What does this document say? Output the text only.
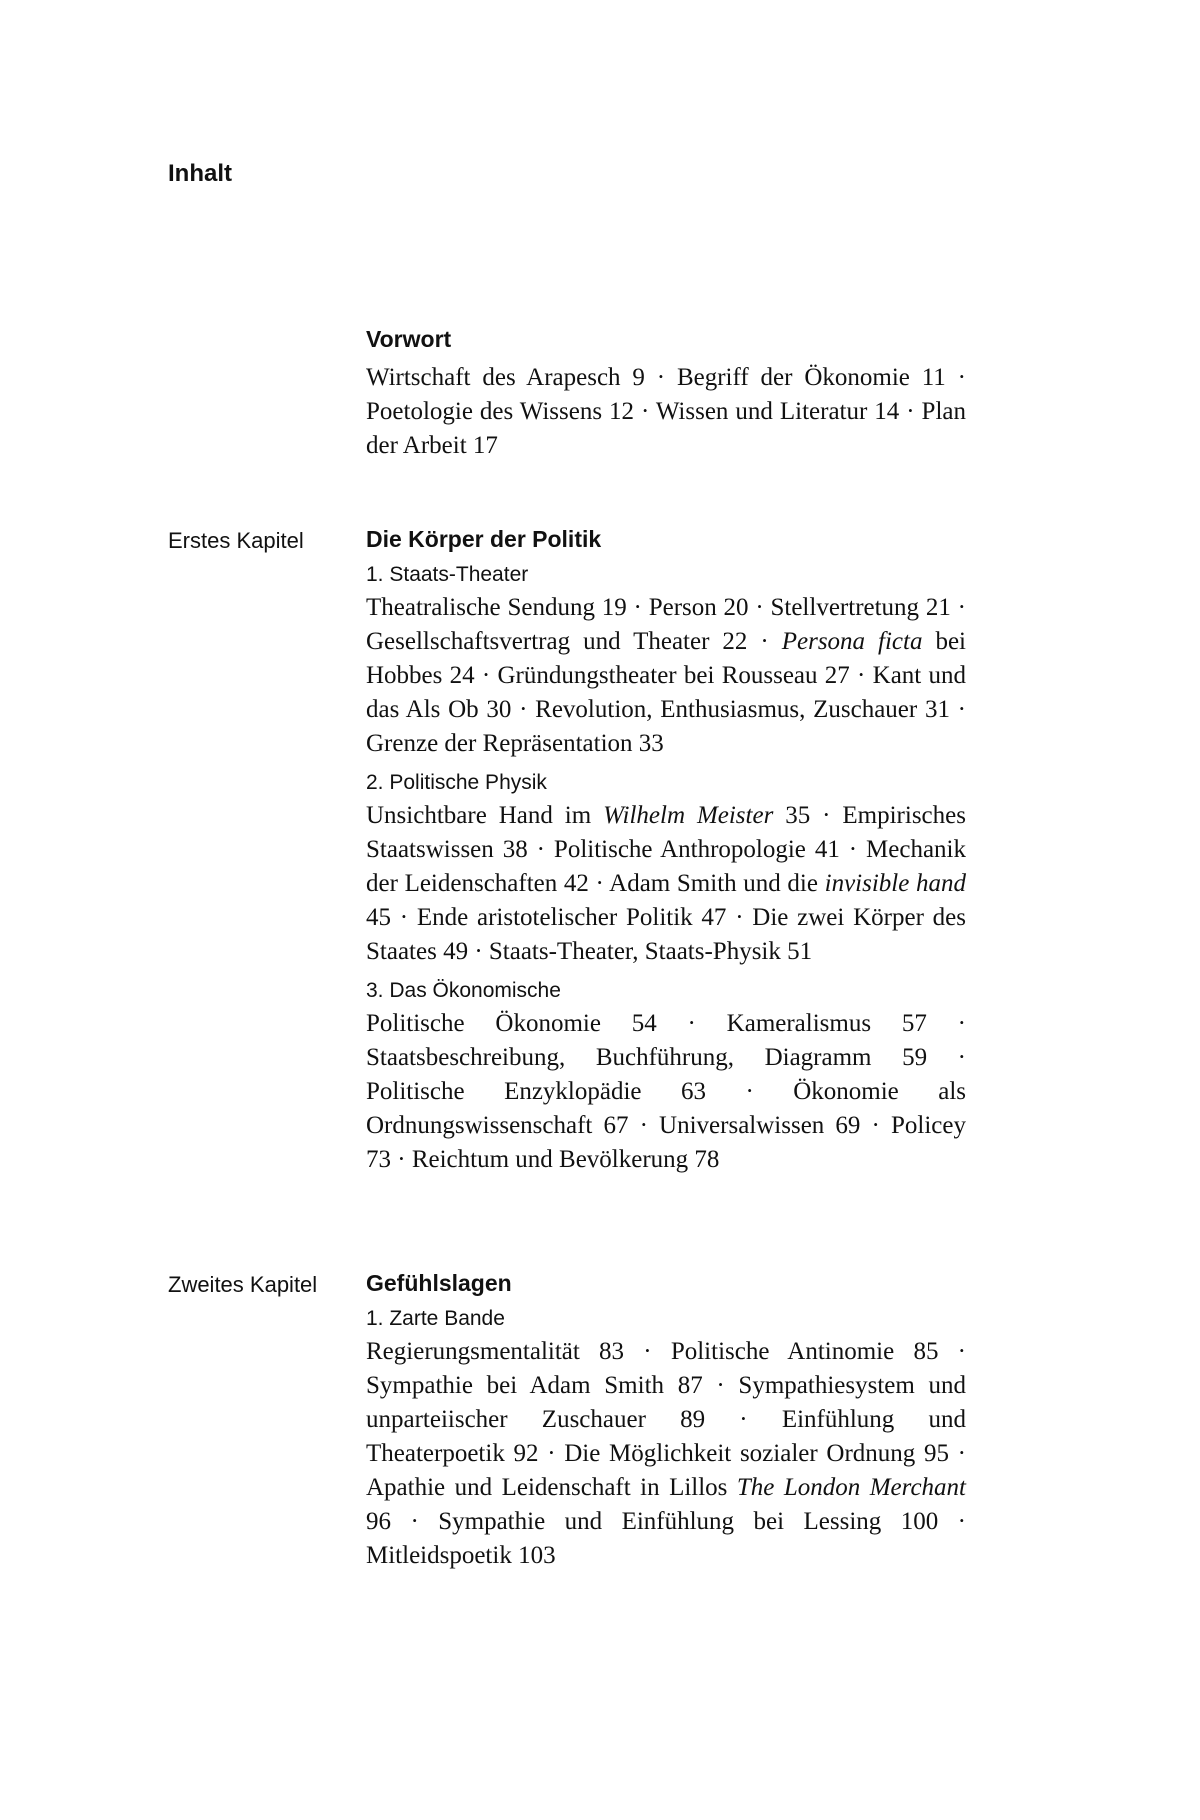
Inhalt
Vorwort

Wirtschaft des Arapesch 9 · Begriff der Ökonomie 11 · Poetologie des Wissens 12 · Wissen und Literatur 14 · Plan der Arbeit 17

Erstes Kapitel	Die Körper der Politik
1. Staats-Theater

Theatralische Sendung 19 · Person 20 · Stellvertretung 21 · Gesellschaftsvertrag und Theater 22 · Persona ficta bei Hobbes 24 · Gründungstheater bei Rousseau 27 · Kant und das Als Ob 30 · Revolution, Enthusiasmus, Zuschauer 31 · Grenze der Repräsentation 33

2. Politische Physik

Unsichtbare Hand im Wilhelm Meister 35 · Empirisches Staatswissen 38 · Politische Anthropologie 41 · Mechanik der Leidenschaften 42 · Adam Smith und die invisible hand 45 · Ende aristotelischer Politik 47 · Die zwei Körper des Staates 49 · Staats-Theater, Staats-Physik 51

3. Das Ökonomische

Politische Ökonomie 54 · Kameralismus 57 · Staatsbeschreibung, Buchführung, Diagramm 59 · Politische Enzyklopädie 63 · Ökonomie als Ordnungswissenschaft 67 · Universalwissen 69 · Policey 73 · Reichtum und Bevölkerung 78

Zweites Kapitel Gefühlslagen
1. Zarte Bande

Regierungsmentalität 83 · Politische Antinomie 85 · Sympathie bei Adam Smith 87 · Sympathiesystem und unparteiischer Zuschauer 89 · Einfühlung und Theaterpoetik 92 · Die Möglichkeit sozialer Ordnung 95 · Apathie und Leidenschaft in Lillos The London Merchant 96 · Sympathie und Einfühlung bei Lessing 100 · Mitleidspoetik 103
